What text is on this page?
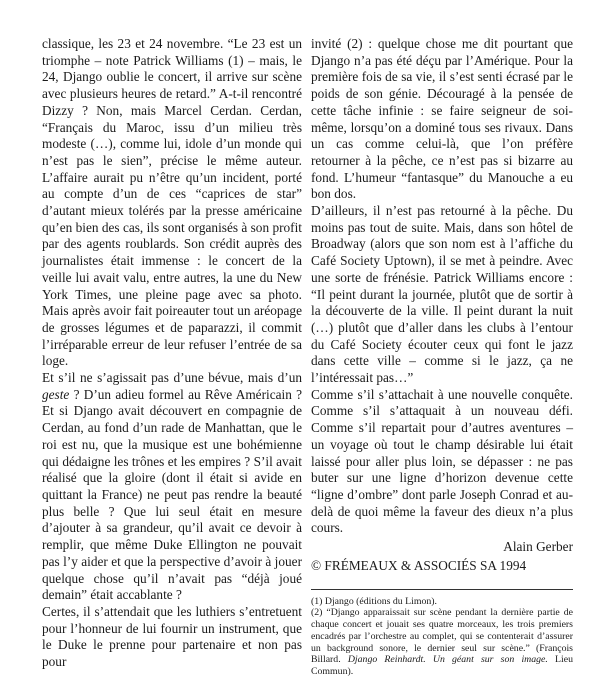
classique, les 23 et 24 novembre. “Le 23 est un triomphe – note Patrick Williams (1) – mais, le 24, Django oublie le concert, il arrive sur scène avec plusieurs heures de retard.” A-t-il rencontré Dizzy ? Non, mais Marcel Cerdan. Cerdan, “Français du Maroc, issu d’un milieu très modeste (…), comme lui, idole d’un monde qui n’est pas le sien”, précise le même auteur. L’affaire aurait pu n’être qu’un incident, porté au compte d’un de ces “caprices de star” d’autant mieux tolérés par la presse américaine qu’en bien des cas, ils sont organisés à son profit par des agents roublards. Son crédit auprès des journalistes était immense : le concert de la veille lui avait valu, entre autres, la une du New York Times, une pleine page avec sa photo. Mais après avoir fait poireauter tout un aréopage de grosses légumes et de paparazzi, il commit l’irréparable erreur de leur refuser l’entrée de sa loge.

Et s’il ne s’agissait pas d’une bévue, mais d’un geste ? D’un adieu formel au Rêve Américain ? Et si Django avait découvert en compagnie de Cerdan, au fond d’un rade de Manhattan, que le roi est nu, que la musique est une bohémienne qui dédaigne les trônes et les empires ? S’il avait réalisé que la gloire (dont il était si avide en quittant la France) ne peut pas rendre la beauté plus belle ? Que lui seul était en mesure d’ajouter à sa grandeur, qu’il avait ce devoir à remplir, que même Duke Ellington ne pouvait pas l’y aider et que la perspective d’avoir à jouer quelque chose qu’il n’avait pas “déjà joué demain” était accablante ?

Certes, il s’attendait que les luthiers s’entretuent pour l’honneur de lui fournir un instrument, que le Duke le prenne pour partenaire et non pas pour

invité (2) : quelque chose me dit pourtant que Django n’a pas été déçu par l’Amérique. Pour la première fois de sa vie, il s’est senti écrasé par le poids de son génie. Découragé à la pensée de cette tâche infinie : se faire seigneur de soi-même, lorsqu’on a dominé tous ses rivaux. Dans un cas comme celui-là, que l’on préfère retourner à la pêche, ce n’est pas si bizarre au fond. L’humeur “fantasque” du Manouche a eu bon dos.

D’ailleurs, il n’est pas retourné à la pêche. Du moins pas tout de suite. Mais, dans son hôtel de Broadway (alors que son nom est à l’affiche du Café Society Uptown), il se met à peindre. Avec une sorte de frénésie. Patrick Williams encore : “Il peint durant la journée, plutôt que de sortir à la découverte de la ville. Il peint durant la nuit (…) plutôt que d’aller dans les clubs à l’entour du Café Society écouter ceux qui font le jazz dans cette ville – comme si le jazz, ça ne l’intéressait pas…”

Comme s’il s’attachait à une nouvelle conquête. Comme s’il s’attaquait à un nouveau défi. Comme s’il repartait pour d’autres aventures – un voyage où tout le champ désirable lui était laissé pour aller plus loin, se dépasser : ne pas buter sur une ligne d’horizon devenue cette “ligne d’ombre” dont parle Joseph Conrad et au-delà de quoi même la faveur des dieux n’a plus cours.

Alain Gerber

© FRÉMEAUX & ASSOCIÉS SA 1994

(1) Django (éditions du Limon).

(2) “Django apparaissait sur scène pendant la dernière partie de chaque concert et jouait ses quatre morceaux, les trois premiers encadrés par l’orchestre au complet, qui se contenterait d’assurer un background sonore, le dernier seul sur scène.” (François Billard. Django Reinhardt. Un géant sur son image. Lieu Commun).
